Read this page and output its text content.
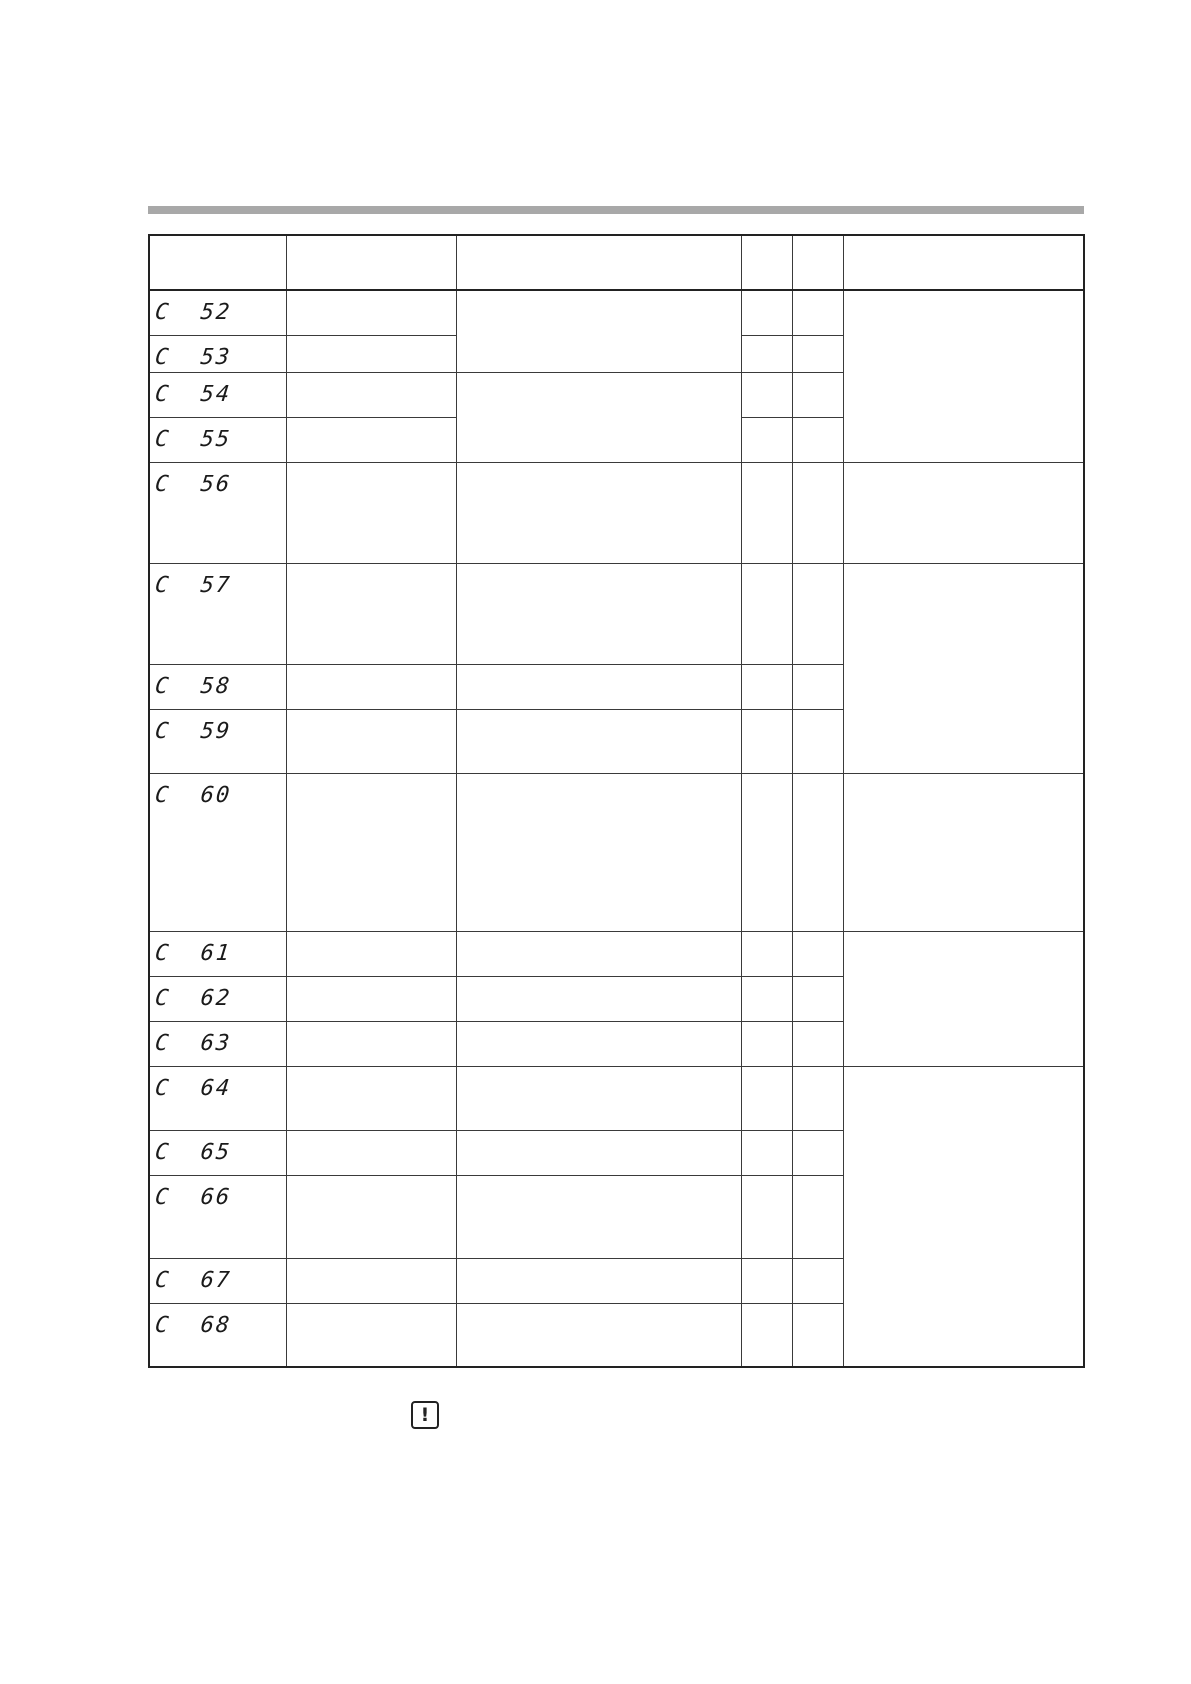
C  52					
C  53					
C  54					
C  55					
C  56					
C  57					
C  58					
C  59					
C  60					
C  61					
C  62					
C  63					
C  64					
C  65					
C  66					
C  67					
C  68					
!
